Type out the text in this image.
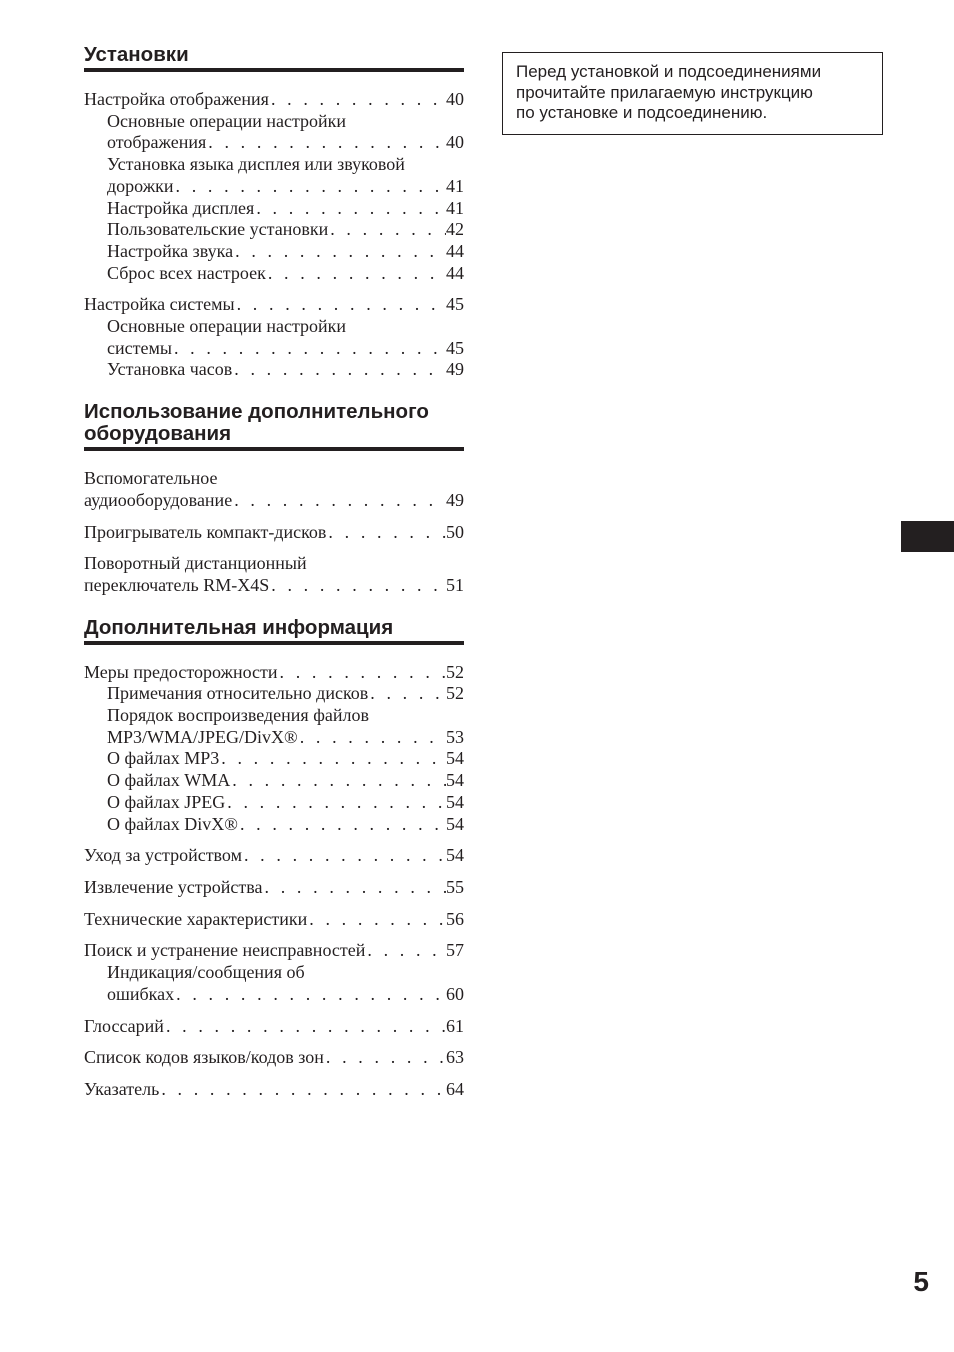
Установки
Настройка отображения . . .	40
Основные операции настройки
отображения . . .	40
Установка языка дисплея или звуковой
дорожки . . .	41
Настройка дисплея . . .	41
Пользовательские установки . . .	42
Настройка звука . . .	44
Сброс всех настроек . . .	44
Настройка системы . . .	45
Основные операции настройки
системы . . .	45
Установка часов . . .	49
Использование дополнительного оборудования
Вспомогательное
аудиооборудование . . .	49
Проигрыватель компакт-дисков . . .	50
Поворотный дистанционный
переключатель RM-X4S . . .	51
Дополнительная информация
Меры предосторожности . . .	52
Примечания относительно дисков . . .	52
Порядок воспроизведения файлов
MP3/WMA/JPEG/DivX® . . .	53
О файлах MP3 . . .	54
О файлах WMA . . .	54
О файлах JPEG . . .	54
О файлах DivX® . . .	54
Уход за устройством . . .	54
Извлечение устройства . . .	55
Технические характеристики . . .	56
Поиск и устранение неисправностей . . .	57
Индикация/сообщения об
ошибках . . .	60
Глоссарий . . .	61
Список кодов языков/кодов зон . . .	63
Указатель . . .	64
Перед установкой и подсоединениями
прочитайте прилагаемую инструкцию
по установке и подсоединению.
5
